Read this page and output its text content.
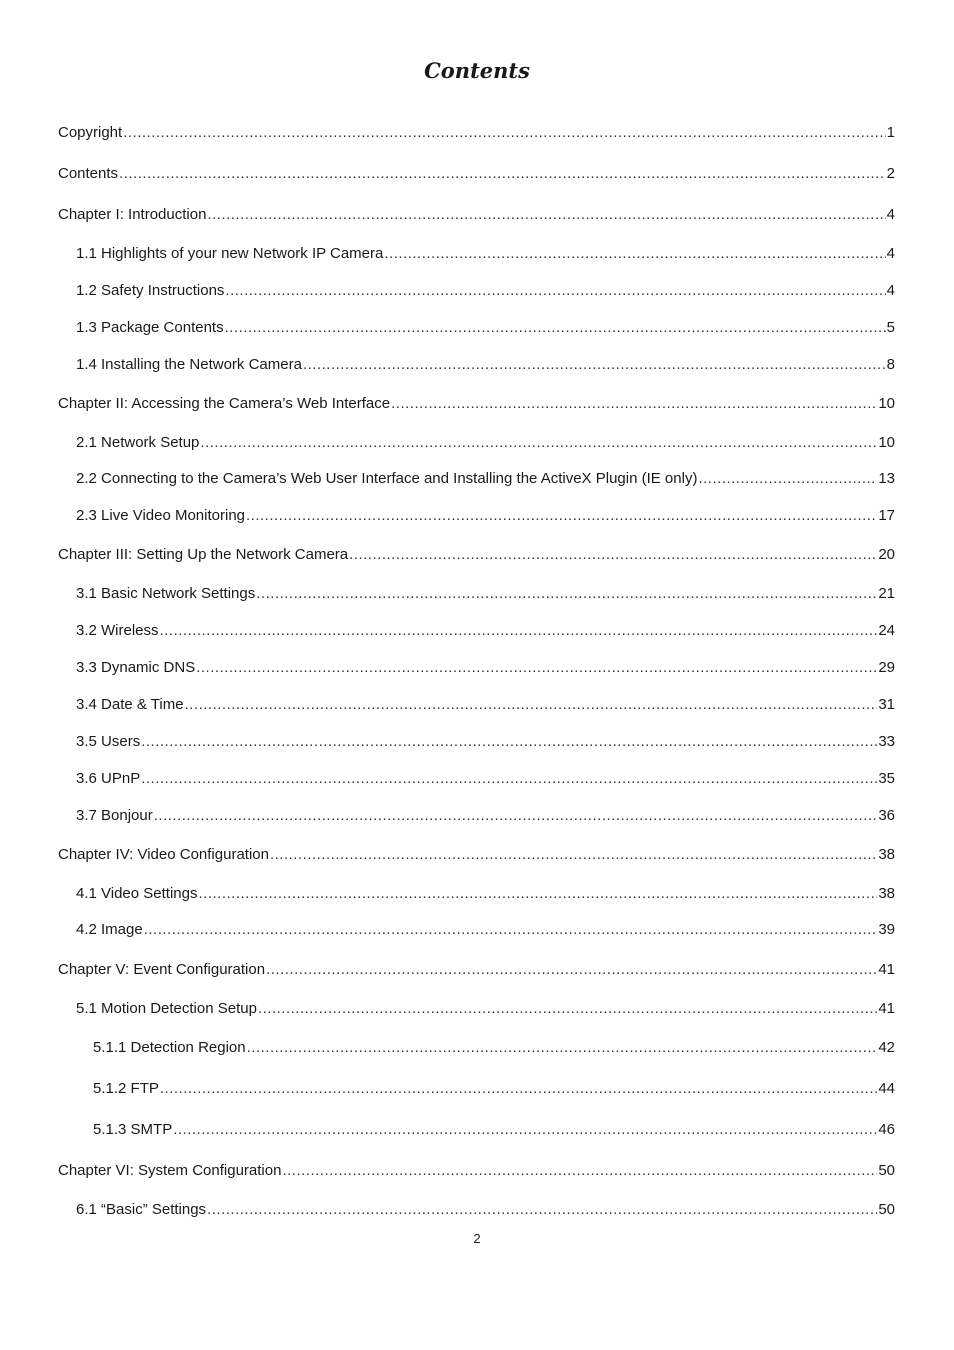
Contents
Copyright .....	1
Contents .....	2
Chapter I: Introduction .....	4
1.1 Highlights of your new Network IP Camera .....	4
1.2 Safety Instructions .....	4
1.3 Package Contents .....	5
1.4 Installing the Network Camera .....	8
Chapter II: Accessing the Camera’s Web Interface .....	10
2.1 Network Setup .....	10
2.2 Connecting to the Camera’s Web User Interface and Installing the ActiveX Plugin (IE only) .....	13
2.3 Live Video Monitoring .....	17
Chapter III: Setting Up the Network Camera .....	20
3.1 Basic Network Settings .....	21
3.2 Wireless .....	24
3.3 Dynamic DNS .....	29
3.4 Date & Time .....	31
3.5 Users .....	33
3.6 UPnP .....	35
3.7 Bonjour .....	36
Chapter IV: Video Configuration .....	38
4.1 Video Settings .....	38
4.2 Image .....	39
Chapter V: Event Configuration .....	41
5.1 Motion Detection Setup .....	41
5.1.1 Detection Region .....	42
5.1.2 FTP .....	44
5.1.3 SMTP .....	46
Chapter VI: System Configuration .....	50
6.1 “Basic” Settings .....	50
2
